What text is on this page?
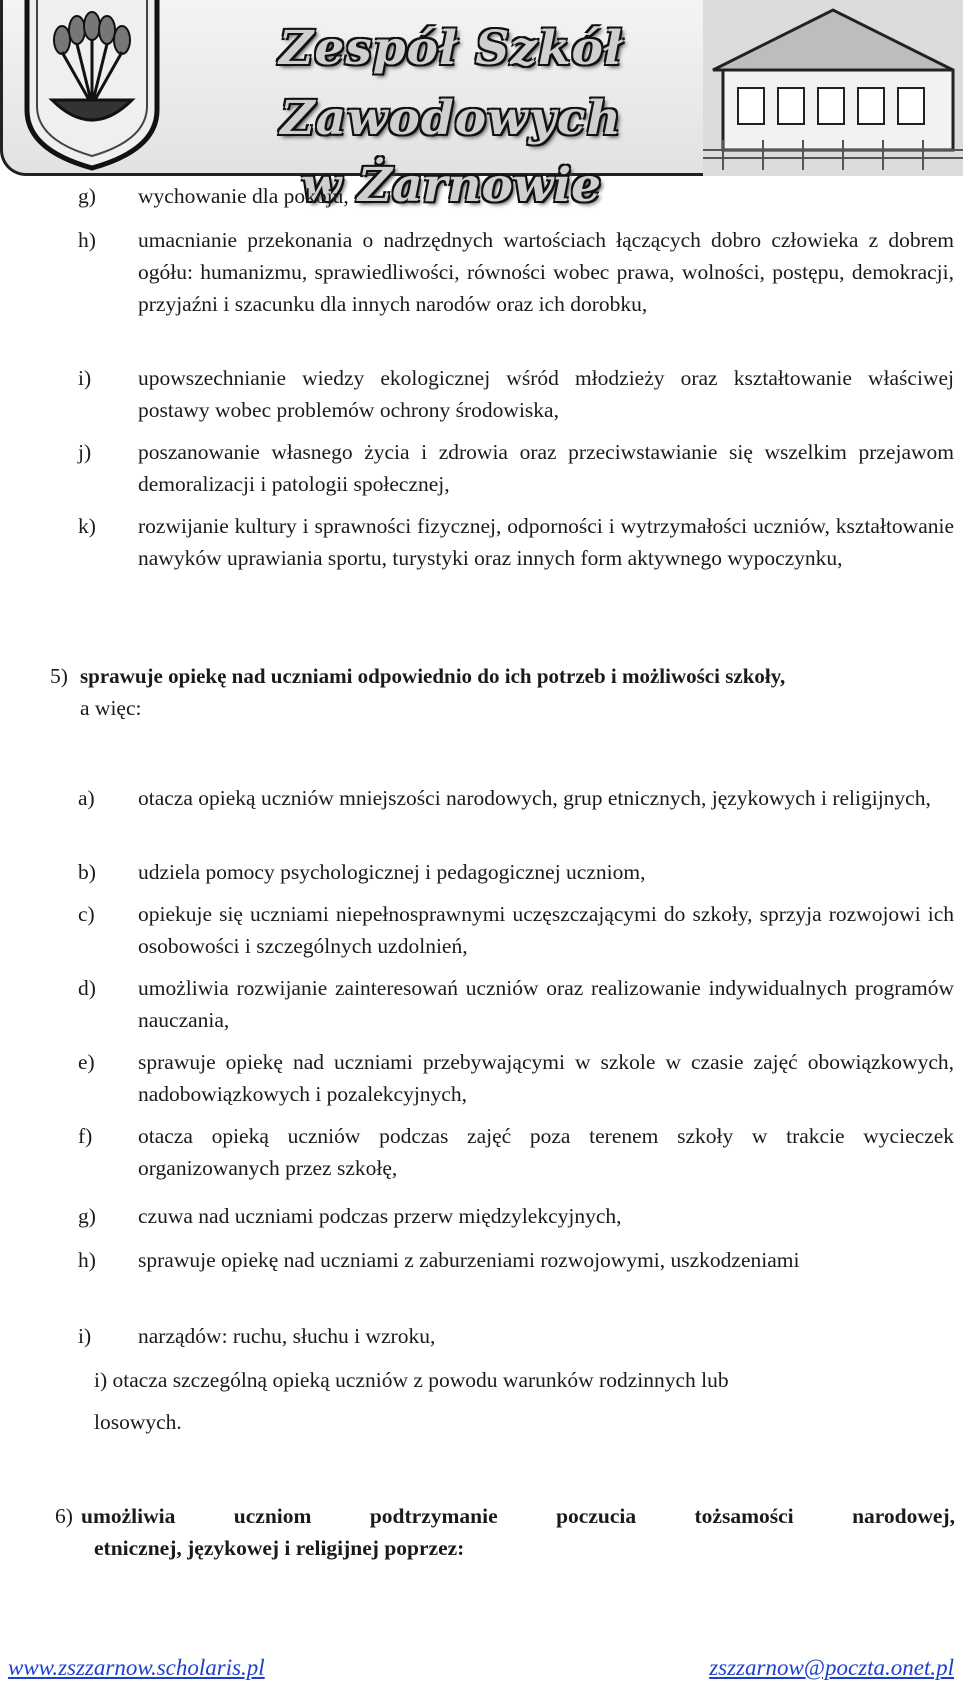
Zespół Szkół Zawodowych
w Żarnowie
g) wychowanie dla pokoju,
h) umacnianie przekonania o nadrzędnych wartościach łączących dobro człowieka z dobrem ogółu: humanizmu, sprawiedliwości, równości wobec prawa, wolności, postępu, demokracji, przyjaźni i szacunku dla innych narodów oraz ich dorobku,
i) upowszechnianie wiedzy ekologicznej wśród młodzieży oraz kształtowanie właściwej postawy wobec problemów ochrony środowiska,
j) poszanowanie własnego życia i zdrowia oraz przeciwstawianie się wszelkim przejawom demoralizacji i patologii społecznej,
k) rozwijanie kultury i sprawności fizycznej, odporności i wytrzymałości uczniów, kształtowanie nawyków uprawiania sportu, turystyki oraz innych form aktywnego wypoczynku,
5) sprawuje opiekę nad uczniami odpowiednio do ich potrzeb i możliwości szkoły,
a więc:
a) otacza opieką uczniów mniejszości narodowych, grup etnicznych, językowych i religijnych,
b) udziela pomocy psychologicznej i pedagogicznej uczniom,
c) opiekuje się uczniami niepełnosprawnymi uczęszczającymi do szkoły, sprzyja rozwojowi ich osobowości i szczególnych uzdolnień,
d) umożliwia rozwijanie zainteresowań uczniów oraz realizowanie indywidualnych programów nauczania,
e) sprawuje opiekę nad uczniami przebywającymi w szkole w czasie zajęć obowiązkowych, nadobowiązkowych i pozalekcyjnych,
f) otacza opieką uczniów podczas zajęć poza terenem szkoły w trakcie wycieczek organizowanych przez szkołę,
g) czuwa nad uczniami podczas przerw międzylekcyjnych,
h) sprawuje opiekę nad uczniami z zaburzeniami rozwojowymi, uszkodzeniami
i) narządów: ruchu, słuchu i wzroku,
i) otacza szczególną opieką uczniów z powodu warunków rodzinnych lub
losowych.
6) umożliwia uczniom podtrzymanie poczucia tożsamości narodowej,
etnicznej, językowej i religijnej poprzez:
www.zszzarnow.scholaris.pl	zszzarnow@poczta.onet.pl
